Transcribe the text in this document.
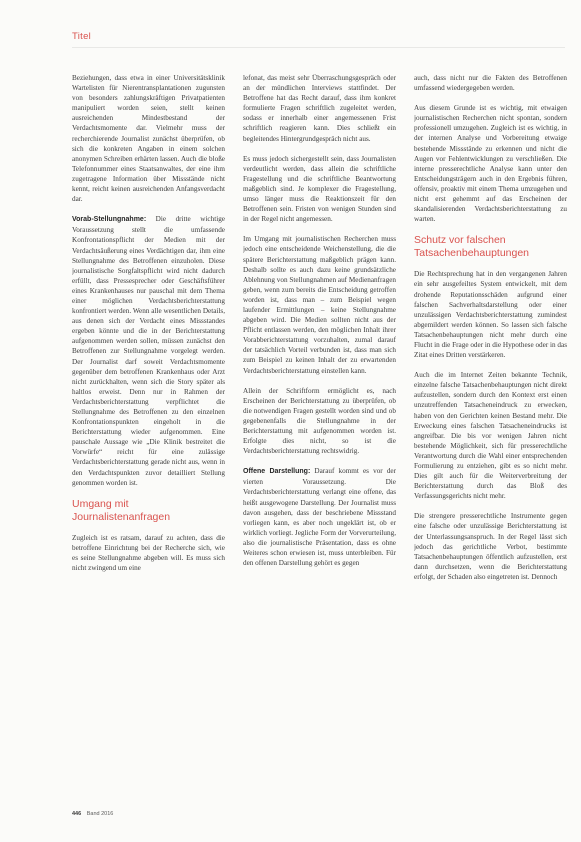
Titel

Beziehungen, dass etwa in einer Universitätsklinik Wartelisten für Nierentransplantationen zugunsten von besonders zahlungskräftigen Privatpatienten manipuliert worden seien, stellt keinen ausreichenden Mindestbestand der Verdachtsmomente dar. Vielmehr muss der recherchierende Journalist zunächst überprüfen, ob sich die konkreten Angaben in einem solchen anonymen Schreiben erhärten lassen. Auch die bloße Telefonnummer eines Staatsanwaltes, der eine ihm zugetragene Information über Missstände nicht kennt, reicht keinen ausreichenden Anfangsverdacht dar.

Vorab-Stellungnahme: Die dritte wichtige Voraussetzung stellt die umfassende Konfrontationspflicht der Medien mit der Verdachtsäußerung eines Verdächtigen dar, ihm eine Stellungnahme des Betroffenen einzuholen. Diese journalistische Sorgfaltspflicht wird nicht dadurch erfüllt, dass Pressesprecher oder Geschäftsführer eines Krankenhauses nur pauschal mit dem Thema einer möglichen Verdachtsberichterstattung konfrontiert werden. Wenn alle wesentlichen Details, aus denen sich der Verdacht eines Missstandes ergeben könnte und die in der Berichterstattung aufgenommen werden sollen, müssen zunächst den Betroffenen zur Stellungnahme vorgelegt werden. Der Journalist darf soweit Verdachtsmomente gegenüber dem betroffenen Krankenhaus oder Arzt nicht zurückhalten, wenn sich die Story später als haltlos erweist. Denn nur in Rahmen der Verdachtsberichterstattung verpflichtet die Stellungnahme des Betroffenen zu den einzelnen Konfrontationspunkten eingeholt in die Berichterstattung wieder aufgenommen. Eine pauschale Aussage wie „Die Klinik bestreitet die Vorwürfe“ reicht für eine zulässige Verdachtsberichterstattung gerade nicht aus, wenn in den Verdachtspunkten zuvor detailliert Stellung genommen worden ist.

Umgang mit Journalistenanfragen

Zugleich ist es ratsam, darauf zu achten, dass die betroffene Einrichtung bei der Recherche sich, wie es seine Stellungnahme abgeben will. Es muss sich nicht zwingend um eine

lefonat, das meist sehr Überraschungsgespräch oder an der mündlichen Interviews stattfindet. Der Betroffene hat das Recht darauf, dass ihm konkret formulierte Fragen schriftlich zugeleitet werden, sodass er innerhalb einer angemessenen Frist schriftlich reagieren kann. Dies schließt ein begleitendes Hintergrundgespräch nicht aus.

Es muss jedoch sichergestellt sein, dass Journalisten verdeutlicht werden, dass allein die schriftliche Fragestellung und die schriftliche Beantwortung maßgeblich sind. Je komplexer die Fragestellung, umso länger muss die Reaktionszeit für den Betroffenen sein. Fristen von wenigen Stunden sind in der Regel nicht angemessen.

Im Umgang mit journalistischen Recherchen muss jedoch eine entscheidende Weichenstellung, die die spätere Berichterstattung maßgeblich prägen kann. Deshalb sollte es auch dazu keine grundsätzliche Ablehnung von Stellungnahmen auf Medienanfragen geben, wenn zum bereits die Entscheidung getroffen worden ist, dass man – zum Beispiel wegen laufender Ermittlungen – keine Stellungnahme abgeben wird. Die Medien sollten nicht aus der Pflicht entlassen werden, den möglichen Inhalt ihrer Vorabberichterstattung vorzuhalten, zumal darauf der tatsächlich Vorteil verbunden ist, dass man sich zum Beispiel zu keinen Inhalt der zu erwartenden Verdachtsberichterstattung einstellen kann.

Allein der Schriftform ermöglicht es, nach Erscheinen der Berichterstattung zu überprüfen, ob die notwendigen Fragen gestellt worden sind und ob gegebenenfalls die Stellungnahme in der Berichterstattung mit aufgenommen worden ist. Erfolgte dies nicht, so ist die Verdachtsberichterstattung rechtswidrig.

Offene Darstellung: Darauf kommt es vor der vierten Voraussetzung. Die Verdachtsberichterstattung verlangt eine offene, das heißt ausgewogene Darstellung. Der Journalist muss davon ausgehen, dass der beschriebene Missstand vorliegen kann, es aber noch ungeklärt ist, ob er wirklich vorliegt. Jegliche Form der Vorverurteilung, also die journalistische Präsentation, dass es ohne Weiteres schon erwiesen ist, muss unterbleiben. Für den offenen Darstellung gehört es gegen

auch, dass nicht nur die Fakten des Betroffenen umfassend wiedergegeben werden.

Aus diesem Grunde ist es wichtig, mit etwaigen journalistischen Recherchen nicht spontan, sondern professionell umzugehen. Zugleich ist es wichtig, in der internen Analyse und Vorbereitung etwaige bestehende Missstände zu erkennen und nicht die Augen vor Fehlentwicklungen zu verschließen. Die interne presserechtliche Analyse kann unter den Entscheidungsträgern auch in den Ergebnis führen, offensiv, proaktiv mit einem Thema umzugehen und nicht erst gehemmt auf das Erscheinen der skandalisierenden Verdachtsberichterstattung zu warten.

Schutz vor falschen Tatsachenbehauptungen

Die Rechtsprechung hat in den vergangenen Jahren ein sehr ausgefeiltes System entwickelt, mit dem drohende Reputationsschäden aufgrund einer falschen Sachverhaltsdarstellung oder einer unzulässigen Verdachtsberichterstattung zumindest abgemildert werden können. So lassen sich falsche Tatsachenbehauptungen nicht mehr durch eine Flucht in die Frage oder in die Hypothese oder in das Zitat eines Dritten verstärkeren.

Auch die im Internet Zeiten bekannte Technik, einzelne falsche Tatsachenbehauptungen nicht direkt aufzustellen, sondern durch den Kontext erst einen unzutreffenden Tatsacheneindruck zu erwecken, haben von den Gerichten keinen Bestand mehr. Die Erweckung eines falschen Tatsacheneindrucks ist angreifbar. Die bis vor wenigen Jahren nicht bestehende Möglichkeit, sich für presserechtliche Verantwortung durch die Wahl einer entsprechenden Formulierung zu entziehen, gibt es so nicht mehr. Dies gilt auch für die Weiterverbreitung der Berichterstattung durch das Bloß des Verfassungsgerichts nicht mehr.

Die strengere presserechtliche Instrumente gegen eine falsche oder unzulässige Berichterstattung ist der Unterlassungsanspruch. In der Regel lässt sich jedoch das gerichtliche Verbot, bestimmte Tatsachenbehauptungen öffentlich aufzustellen, erst dann durchsetzen, wenn die Berichterstattung erfolgt, der Schaden also eingetreten ist. Dennoch

446 Band 2016
